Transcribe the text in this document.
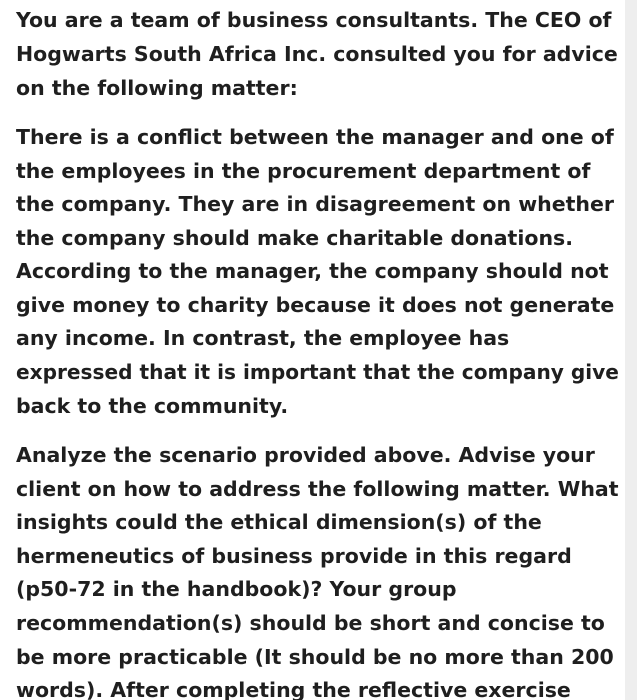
You are a team of business consultants. The CEO of

Hogwarts South Africa Inc. consulted you for advice

on the following matter:

There is a conflict between the manager and one of

the employees in the procurement department of

the company. They are in disagreement on whether

the company should make charitable donations.

According to the manager, the company should not

give money to charity because it does not generate

any income. In contrast, the employee has

expressed that it is important that the company give

back to the community.

Analyze the scenario provided above. Advise your

client on how to address the following matter. What

insights could the ethical dimension(s) of the

hermeneutics of business provide in this regard

(p50-72 in the handbook)? Your group

recommendation(s) should be short and concise to

be more practicable (It should be no more than 200

words). After completing the reflective exercise
